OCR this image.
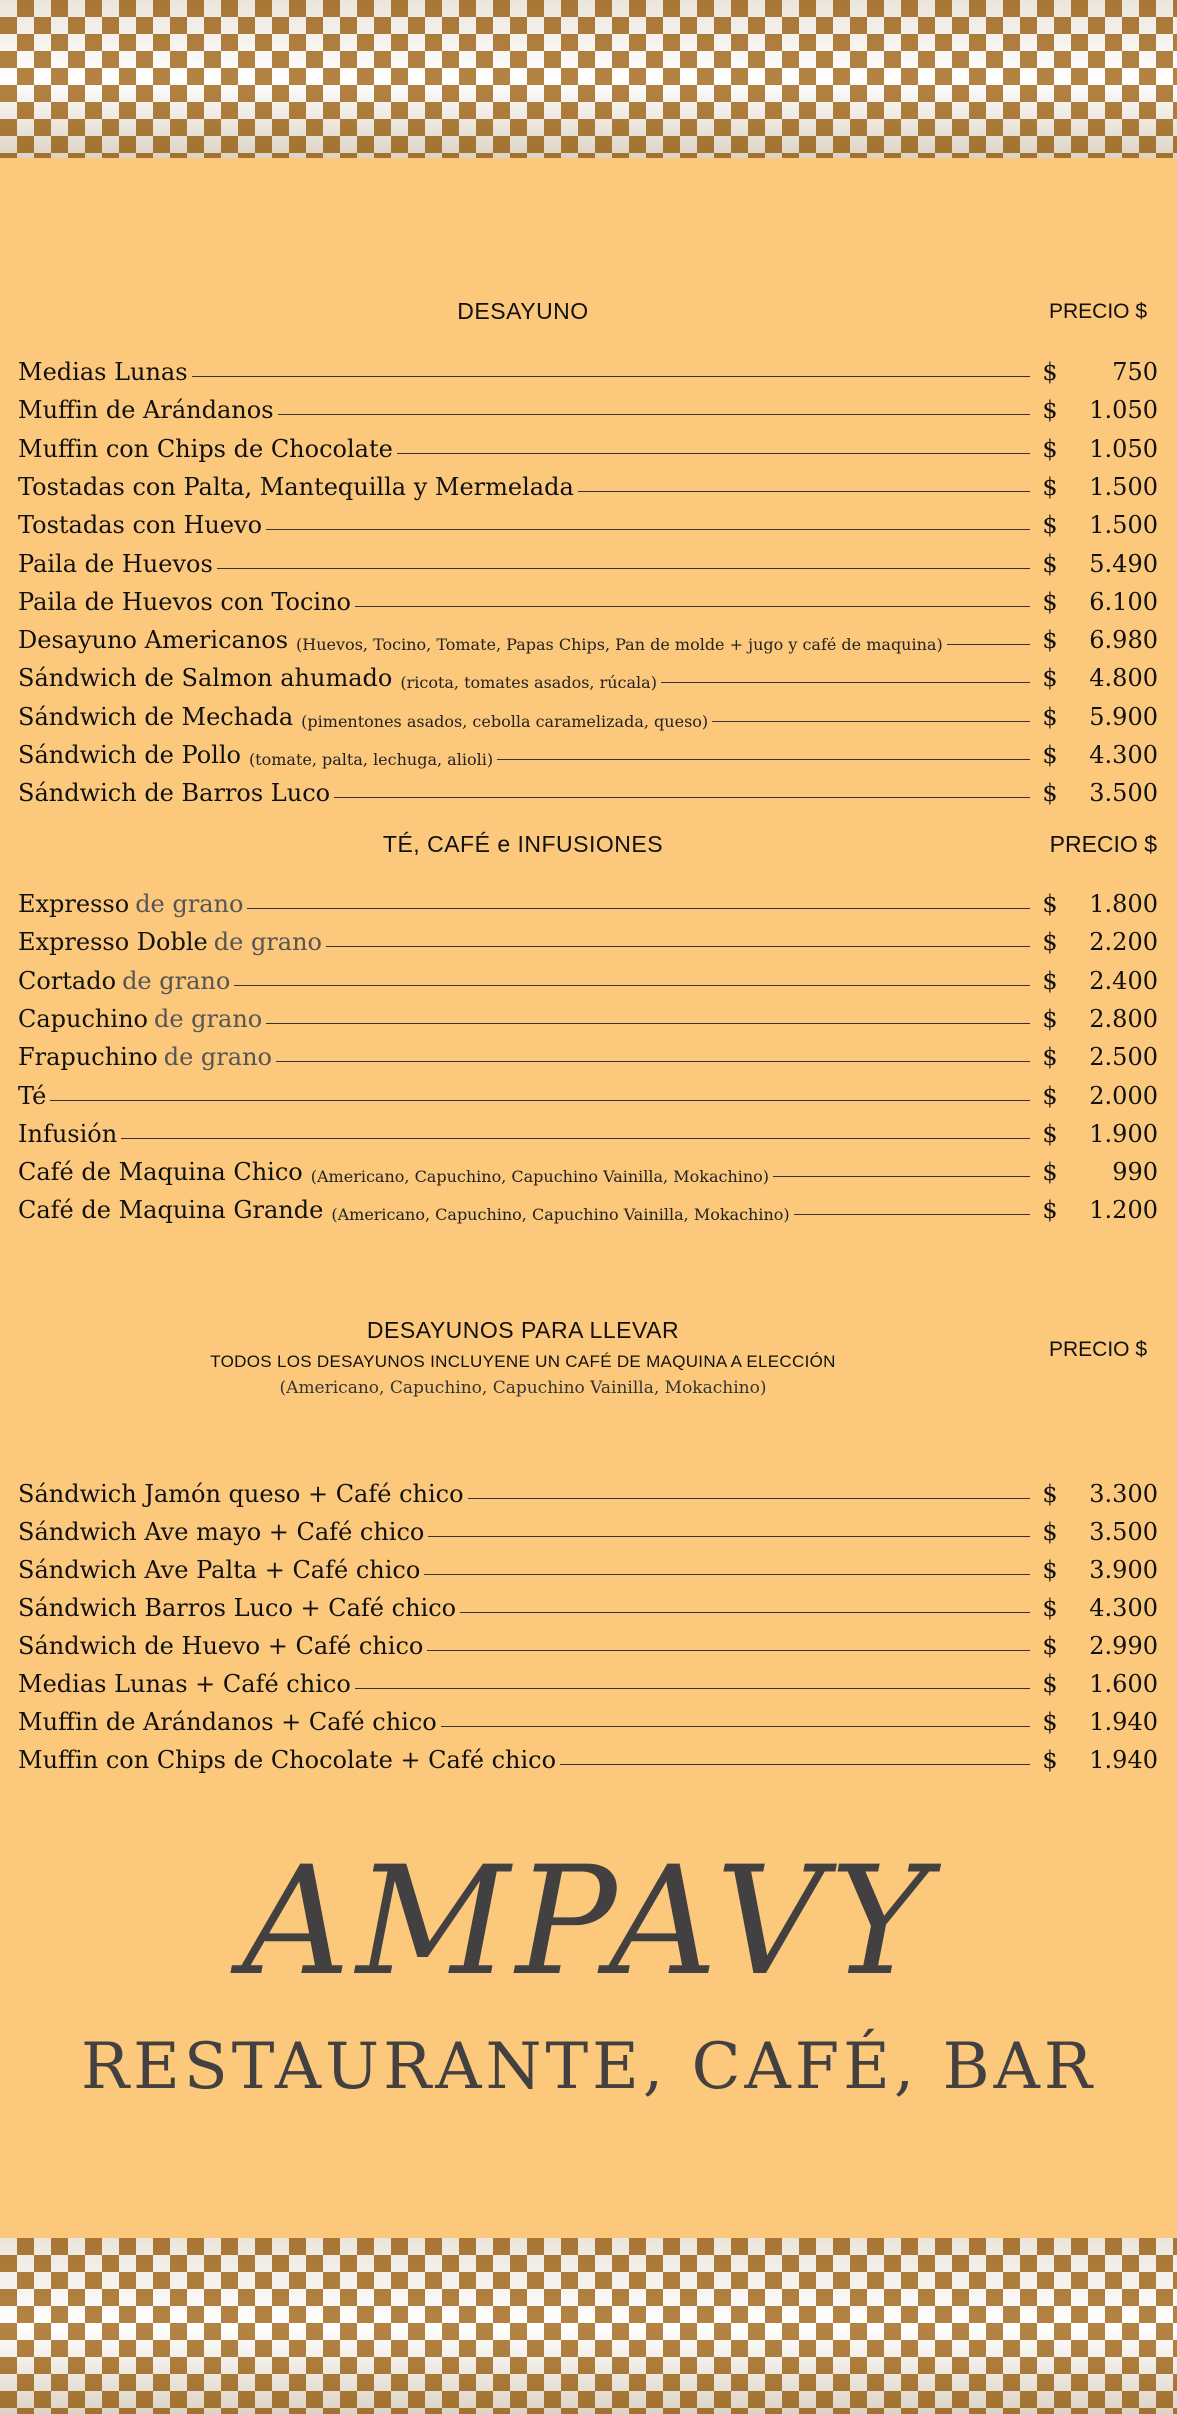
DESAYUNO	PRECIO $
Medias Lunas	$	750
Muffin de Arándanos	$	1.050
Muffin con Chips de Chocolate	$	1.050
Tostadas con Palta, Mantequilla y Mermelada	$	1.500
Tostadas con Huevo	$	1.500
Paila de Huevos	$	5.490
Paila de Huevos con Tocino	$	6.100
Desayuno Americanos (Huevos, Tocino, Tomate, Papas Chips, Pan de molde + jugo y café de maquina)	$	6.980
Sándwich de Salmon ahumado (ricota, tomates asados, rúcala)	$	4.800
Sándwich de Mechada (pimentones asados, cebolla caramelizada, queso)	$	5.900
Sándwich de Pollo (tomate, palta, lechuga, alioli)	$	4.300
Sándwich de Barros Luco	$	3.500
TÉ, CAFÉ e INFUSIONES	PRECIO $
Expresso de grano	$	1.800
Expresso Doble de grano	$	2.200
Cortado de grano	$	2.400
Capuchino de grano	$	2.800
Frapuchino de grano	$	2.500
Té	$	2.000
Infusión	$	1.900
Café de Maquina Chico (Americano, Capuchino, Capuchino Vainilla, Mokachino)	$	990
Café de Maquina Grande (Americano, Capuchino, Capuchino Vainilla, Mokachino)	$	1.200
DESAYUNOS PARA LLEVAR
TODOS LOS DESAYUNOS INCLUYENE UN CAFÉ DE MAQUINA A ELECCIÓN
(Americano, Capuchino, Capuchino Vainilla, Mokachino)
PRECIO $
Sándwich Jamón queso + Café chico	$	3.300
Sándwich Ave mayo + Café chico	$	3.500
Sándwich Ave Palta + Café chico	$	3.900
Sándwich Barros Luco + Café chico	$	4.300
Sándwich de Huevo + Café chico	$	2.990
Medias Lunas + Café chico	$	1.600
Muffin de Arándanos + Café chico	$	1.940
Muffin con Chips de Chocolate + Café chico	$	1.940
AMPAVY
RESTAURANTE, CAFÉ, BAR
